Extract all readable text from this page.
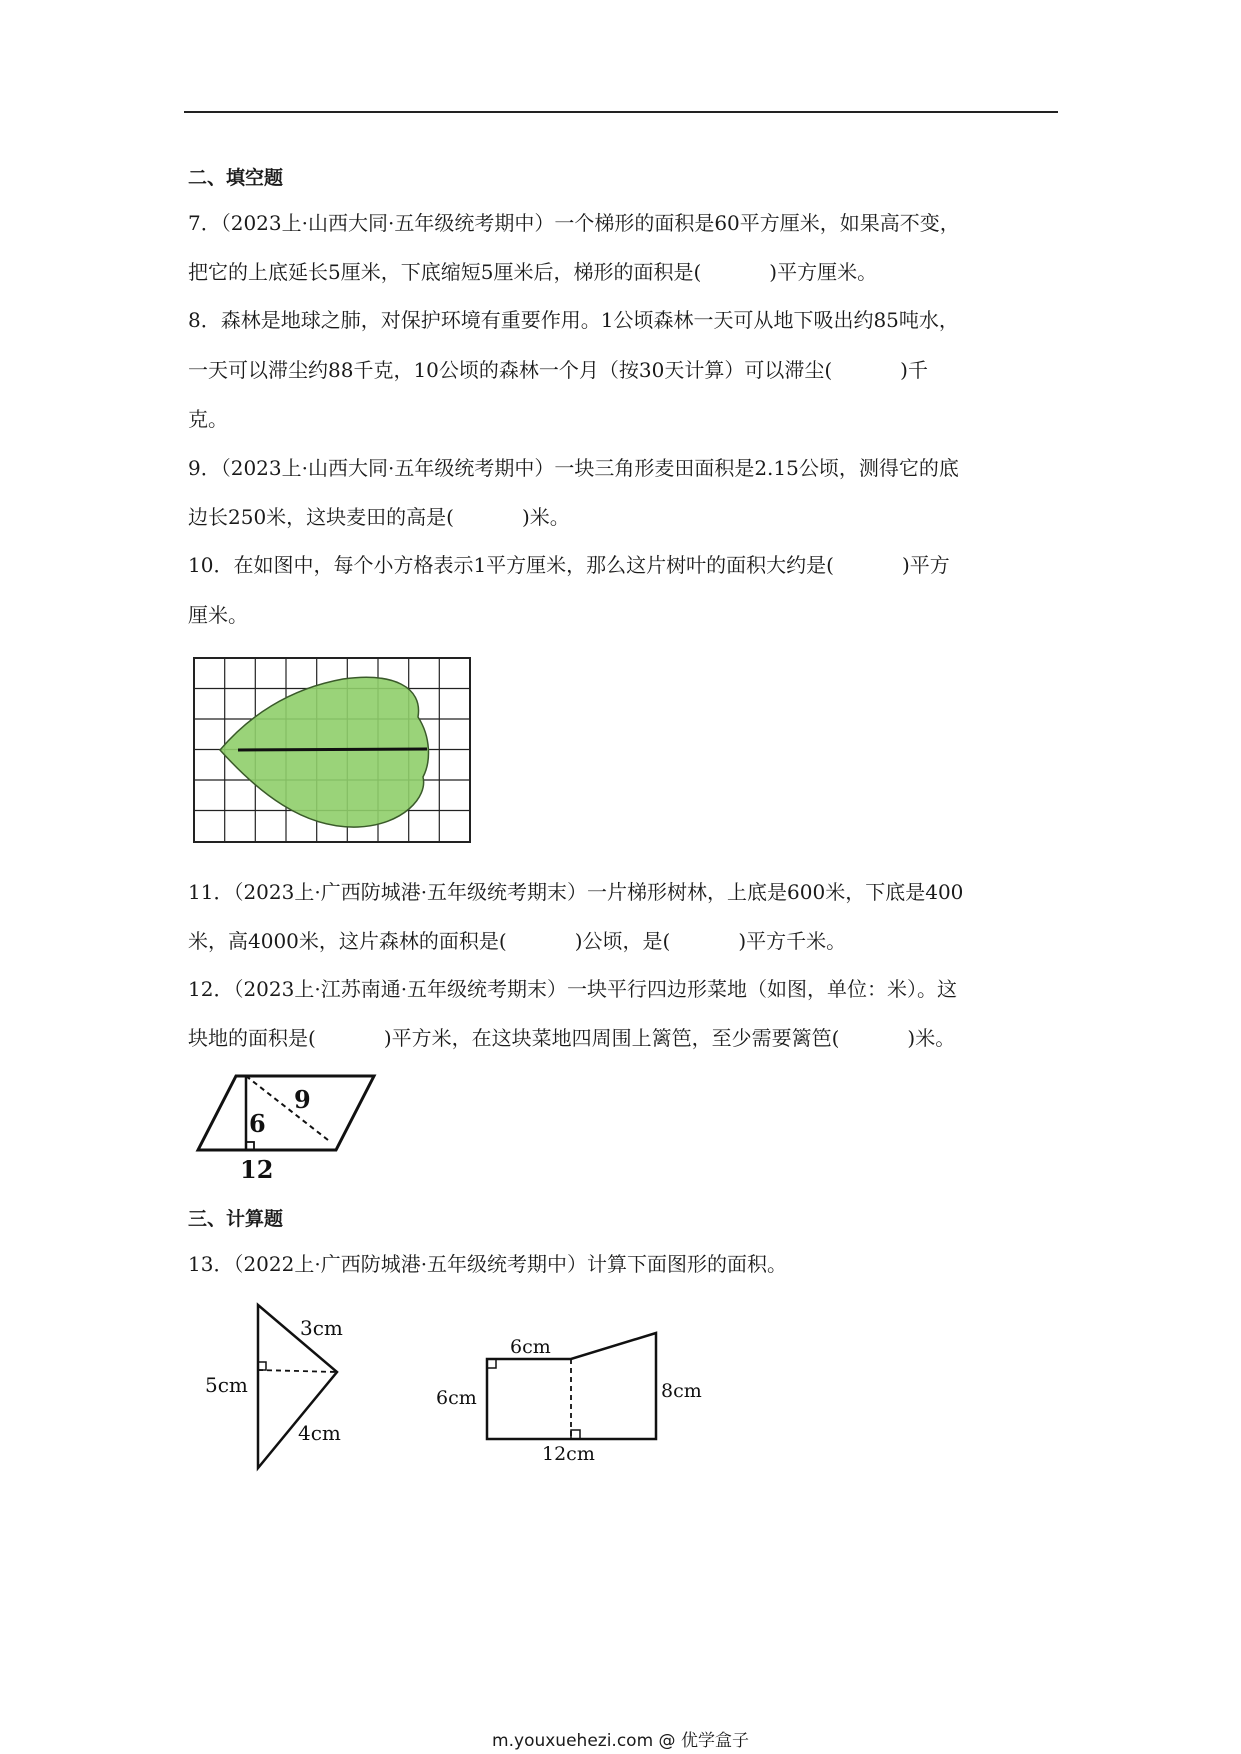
二、填空题
7．（2023上·山西大同·五年级统考期中）一个梯形的面积是60平方厘米，如果高不变，
把它的上底延长5厘米，下底缩短5厘米后，梯形的面积是(	)平方厘米。
8．森林是地球之肺，对保护环境有重要作用。1公顷森林一天可从地下吸出约85吨水，
一天可以滞尘约88千克，10公顷的森林一个月（按30天计算）可以滞尘(	)千
克。
9．（2023上·山西大同·五年级统考期中）一块三角形麦田面积是2.15公顷，测得它的底
边长250米，这块麦田的高是(	)米。
10．在如图中，每个小方格表示1平方厘米，那么这片树叶的面积大约是(	)平方
厘米。
11．（2023上·广西防城港·五年级统考期末）一片梯形树林，上底是600米，下底是400
米，高4000米，这片森林的面积是(	)公顷，是(	)平方千米。
12．（2023上·江苏南通·五年级统考期末）一块平行四边形菜地（如图，单位：米）。这
块地的面积是(	)平方米，在这块菜地四周围上篱笆，至少需要篱笆(	)米。
9
6
12
三、计算题
13．（2022上·广西防城港·五年级统考期中）计算下面图形的面积。
3cm
5cm
4cm
6cm
6cm	8cm
12cm
m.youxuehezi.com @ 优学盒子
